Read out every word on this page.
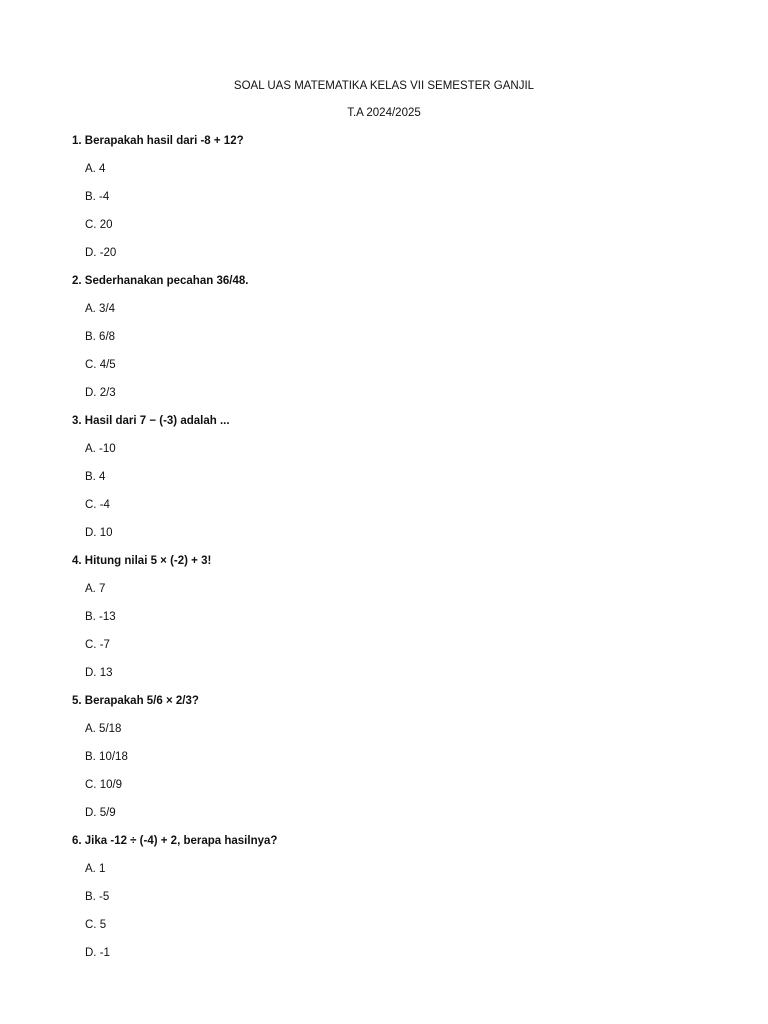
SOAL UAS MATEMATIKA KELAS VII SEMESTER GANJIL
T.A 2024/2025
1. Berapakah hasil dari -8 + 12?
A. 4
B. -4
C. 20
D. -20
2. Sederhanakan pecahan 36/48.
A. 3/4
B. 6/8
C. 4/5
D. 2/3
3. Hasil dari 7 − (-3) adalah ...
A. -10
B. 4
C. -4
D. 10
4. Hitung nilai 5 × (-2) + 3!
A. 7
B. -13
C. -7
D. 13
5. Berapakah 5/6 × 2/3?
A. 5/18
B. 10/18
C. 10/9
D. 5/9
6. Jika -12 ÷ (-4) + 2, berapa hasilnya?
A. 1
B. -5
C. 5
D. -1
